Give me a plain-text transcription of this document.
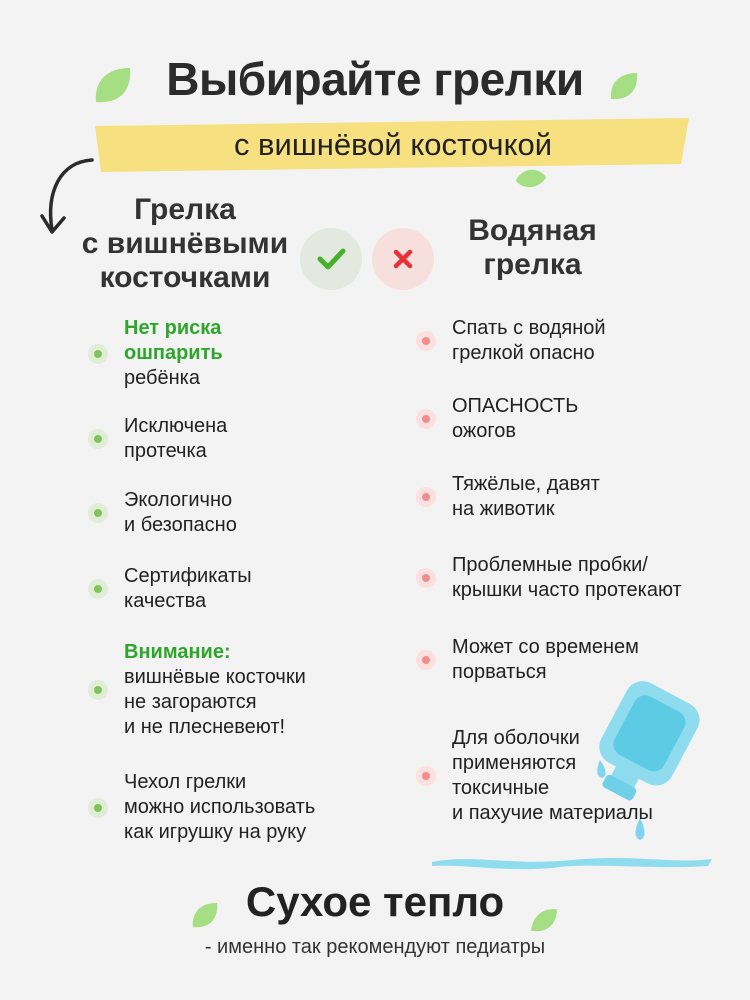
Выбирайте грелки
с вишнёвой косточкой
Грелка
с вишнёвыми
косточками
Водяная
грелка
Нет риска
ошпарить
ребёнка
Исключена
протечка
Экологично
и безопасно
Сертификаты
качества
Внимание:
вишнёвые косточки
не загораются
и не плесневеют!
Чехол грелки
можно использовать
как игрушку на руку
Спать с водяной
грелкой опасно
ОПАСНОСТЬ
ожогов
Тяжёлые, давят
на животик
Проблемные пробки/
крышки часто протекают
Может со временем
порваться
Для оболочки
применяются
токсичные
и пахучие материалы
Сухое тепло
- именно так рекомендуют педиатры
